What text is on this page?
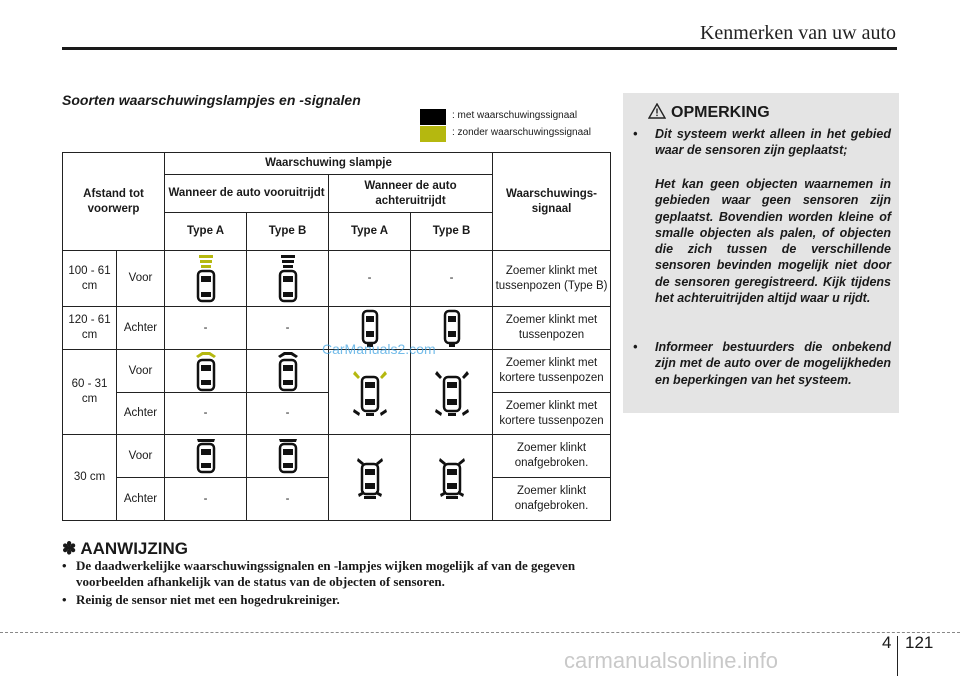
Kenmerken van uw auto
Soorten waarschuwingslampjes en -signalen
: met waarschuwingssignaal
: zonder waarschuwingssignaal
Afstand tot voorwerp		Waarschuwing slampje				Waarschuwings- signaal
		Wanneer de auto vooruitrijdt		Wanneer de auto achteruitrijdt		
		Type A	Type B	Type A	Type B	
100 - 61 cm	Voor			-	-	Zoemer klinkt met tussenpozen (Type B)
120 - 61 cm	Achter	-	-			Zoemer klinkt met tussenpozen
60 - 31 cm	Voor					Zoemer klinkt met kortere tussenpozen
	Achter	-	-			Zoemer klinkt met kortere tussenpozen
30 cm	Voor					Zoemer klinkt onafgebroken.
	Achter	-	-			Zoemer klinkt onafgebroken.
OPMERKING
• Dit systeem werkt alleen in het gebied waar de sensoren zijn geplaatst;
Het kan geen objecten waarnemen in gebieden waar geen sensoren zijn geplaatst. Bovendien worden kleine of smalle objecten als palen, of objecten die zich tussen de verschillende sensoren bevinden mogelijk niet door de sensoren geregistreerd. Kijk tijdens het achteruitrijden altijd waar u rijdt.
• Informeer bestuurders die onbekend zijn met de auto over de mogelijkheden en beperkingen van het systeem.
✽ AANWIJZING
• De daadwerkelijke waarschuwingssignalen en -lampjes wijken mogelijk af van de gegeven voorbeelden afhankelijk van de status van de objecten of sensoren.
• Reinig de sensor niet met een hogedrukreiniger.
4 121
CarManuals2.com
carmanualsonline.info
